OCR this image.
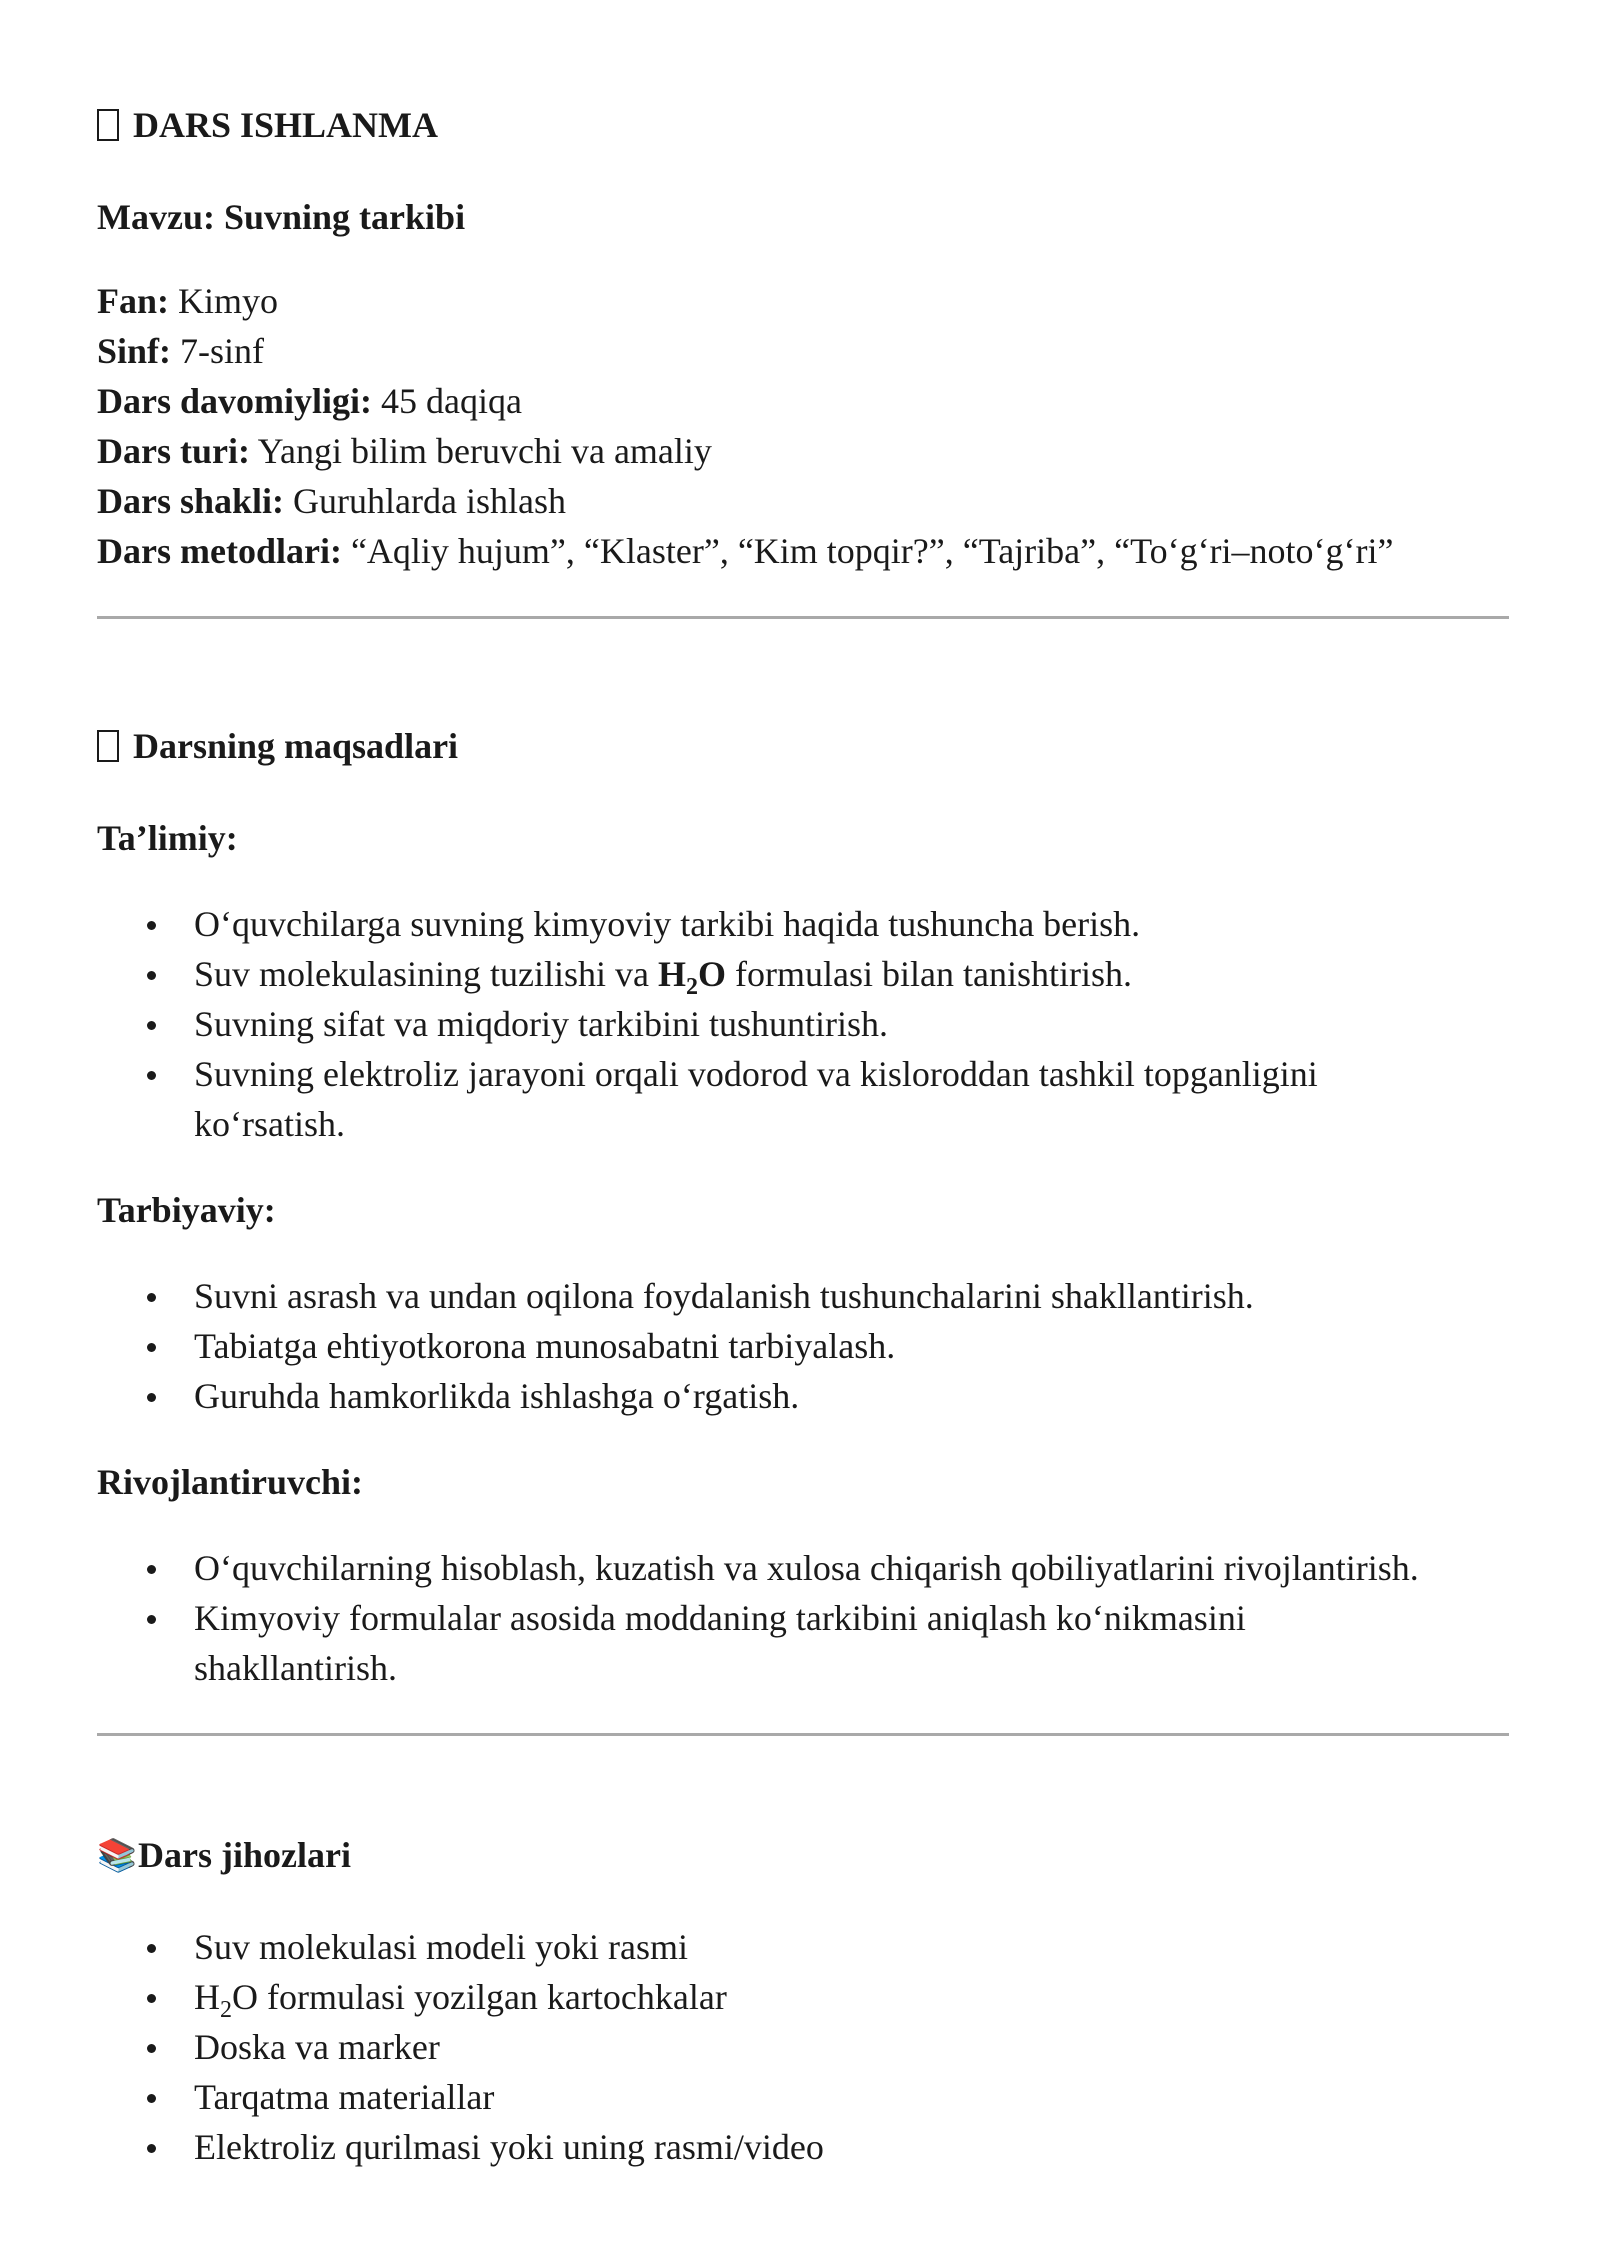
DARS ISHLANMA

Mavzu: Suvning tarkibi

Fan: Kimyo
Sinf: 7-sinf
Dars davomiyligi: 45 daqiqa
Dars turi: Yangi bilim beruvchi va amaliy
Dars shakli: Guruhlarda ishlash
Dars metodlari: “Aqliy hujum”, “Klaster”, “Kim topqir?”, “Tajriba”, “To‘g‘ri–noto‘g‘ri”
Darsning maqsadlari

Ta’limiy:

O‘quvchilarga suvning kimyoviy tarkibi haqida tushuncha berish.
Suv molekulasining tuzilishi va $H_2O$ formulasi bilan tanishtirish.
Suvning sifat va miqdoriy tarkibini tushuntirish.
Suvning elektroliz jarayoni orqali vodorod va kisloroddan tashkil topganligini ko‘rsatish.

Tarbiyaviy:

Suvni asrash va undan oqilona foydalanish tushunchalarini shakllantirish.
Tabiatga ehtiyotkorona munosabatni tarbiyalash.
Guruhda hamkorlikda ishlashga o‘rgatish.

Rivojlantiruvchi:

O‘quvchilarning hisoblash, kuzatish va xulosa chiqarish qobiliyatlarini rivojlantirish.
Kimyoviy formulalar asosida moddaning tarkibini aniqlash ko‘nikmasini shakllantirish.
📚 Dars jihozlari
Suv molekulasi modeli yoki rasmi
$H_2O$ formulasi yozilgan kartochkalar
Doska va marker
Tarqatma materiallar
Elektroliz qurilmasi yoki uning rasmi/video
